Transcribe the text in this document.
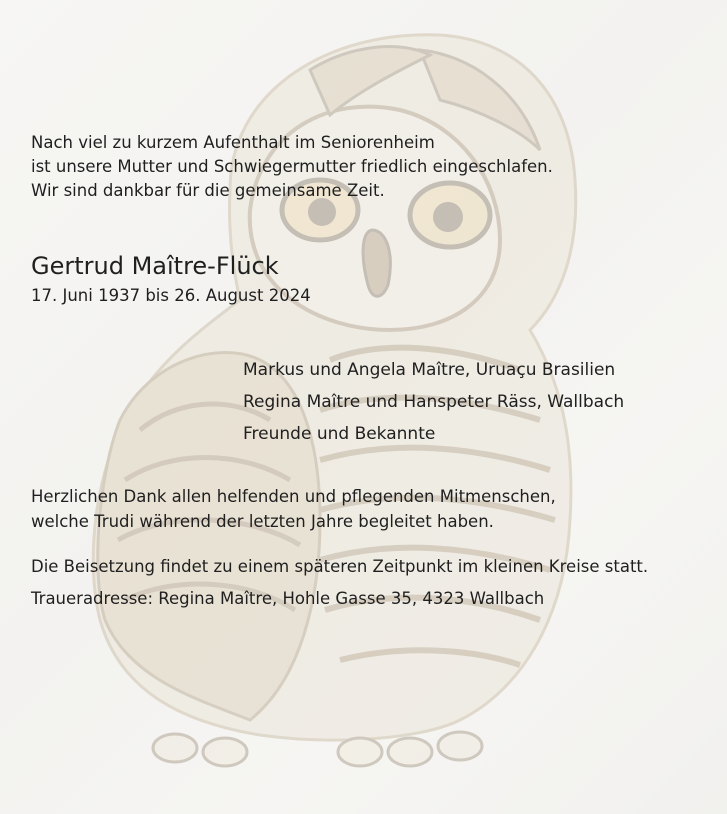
Nach viel zu kurzem Aufenthalt im Seniorenheim
ist unsere Mutter und Schwiegermutter friedlich eingeschlafen.
Wir sind dankbar für die gemeinsame Zeit.
Gertrud Maître-Flück
17. Juni 1937 bis 26. August 2024
Markus und Angela Maître, Uruaçu Brasilien
Regina Maître und Hanspeter Räss, Wallbach
Freunde und Bekannte
Herzlichen Dank allen helfenden und pflegenden Mitmenschen,
welche Trudi während der letzten Jahre begleitet haben.
Die Beisetzung findet zu einem späteren Zeitpunkt im kleinen Kreise statt.
Traueradresse: Regina Maître, Hohle Gasse 35, 4323 Wallbach
